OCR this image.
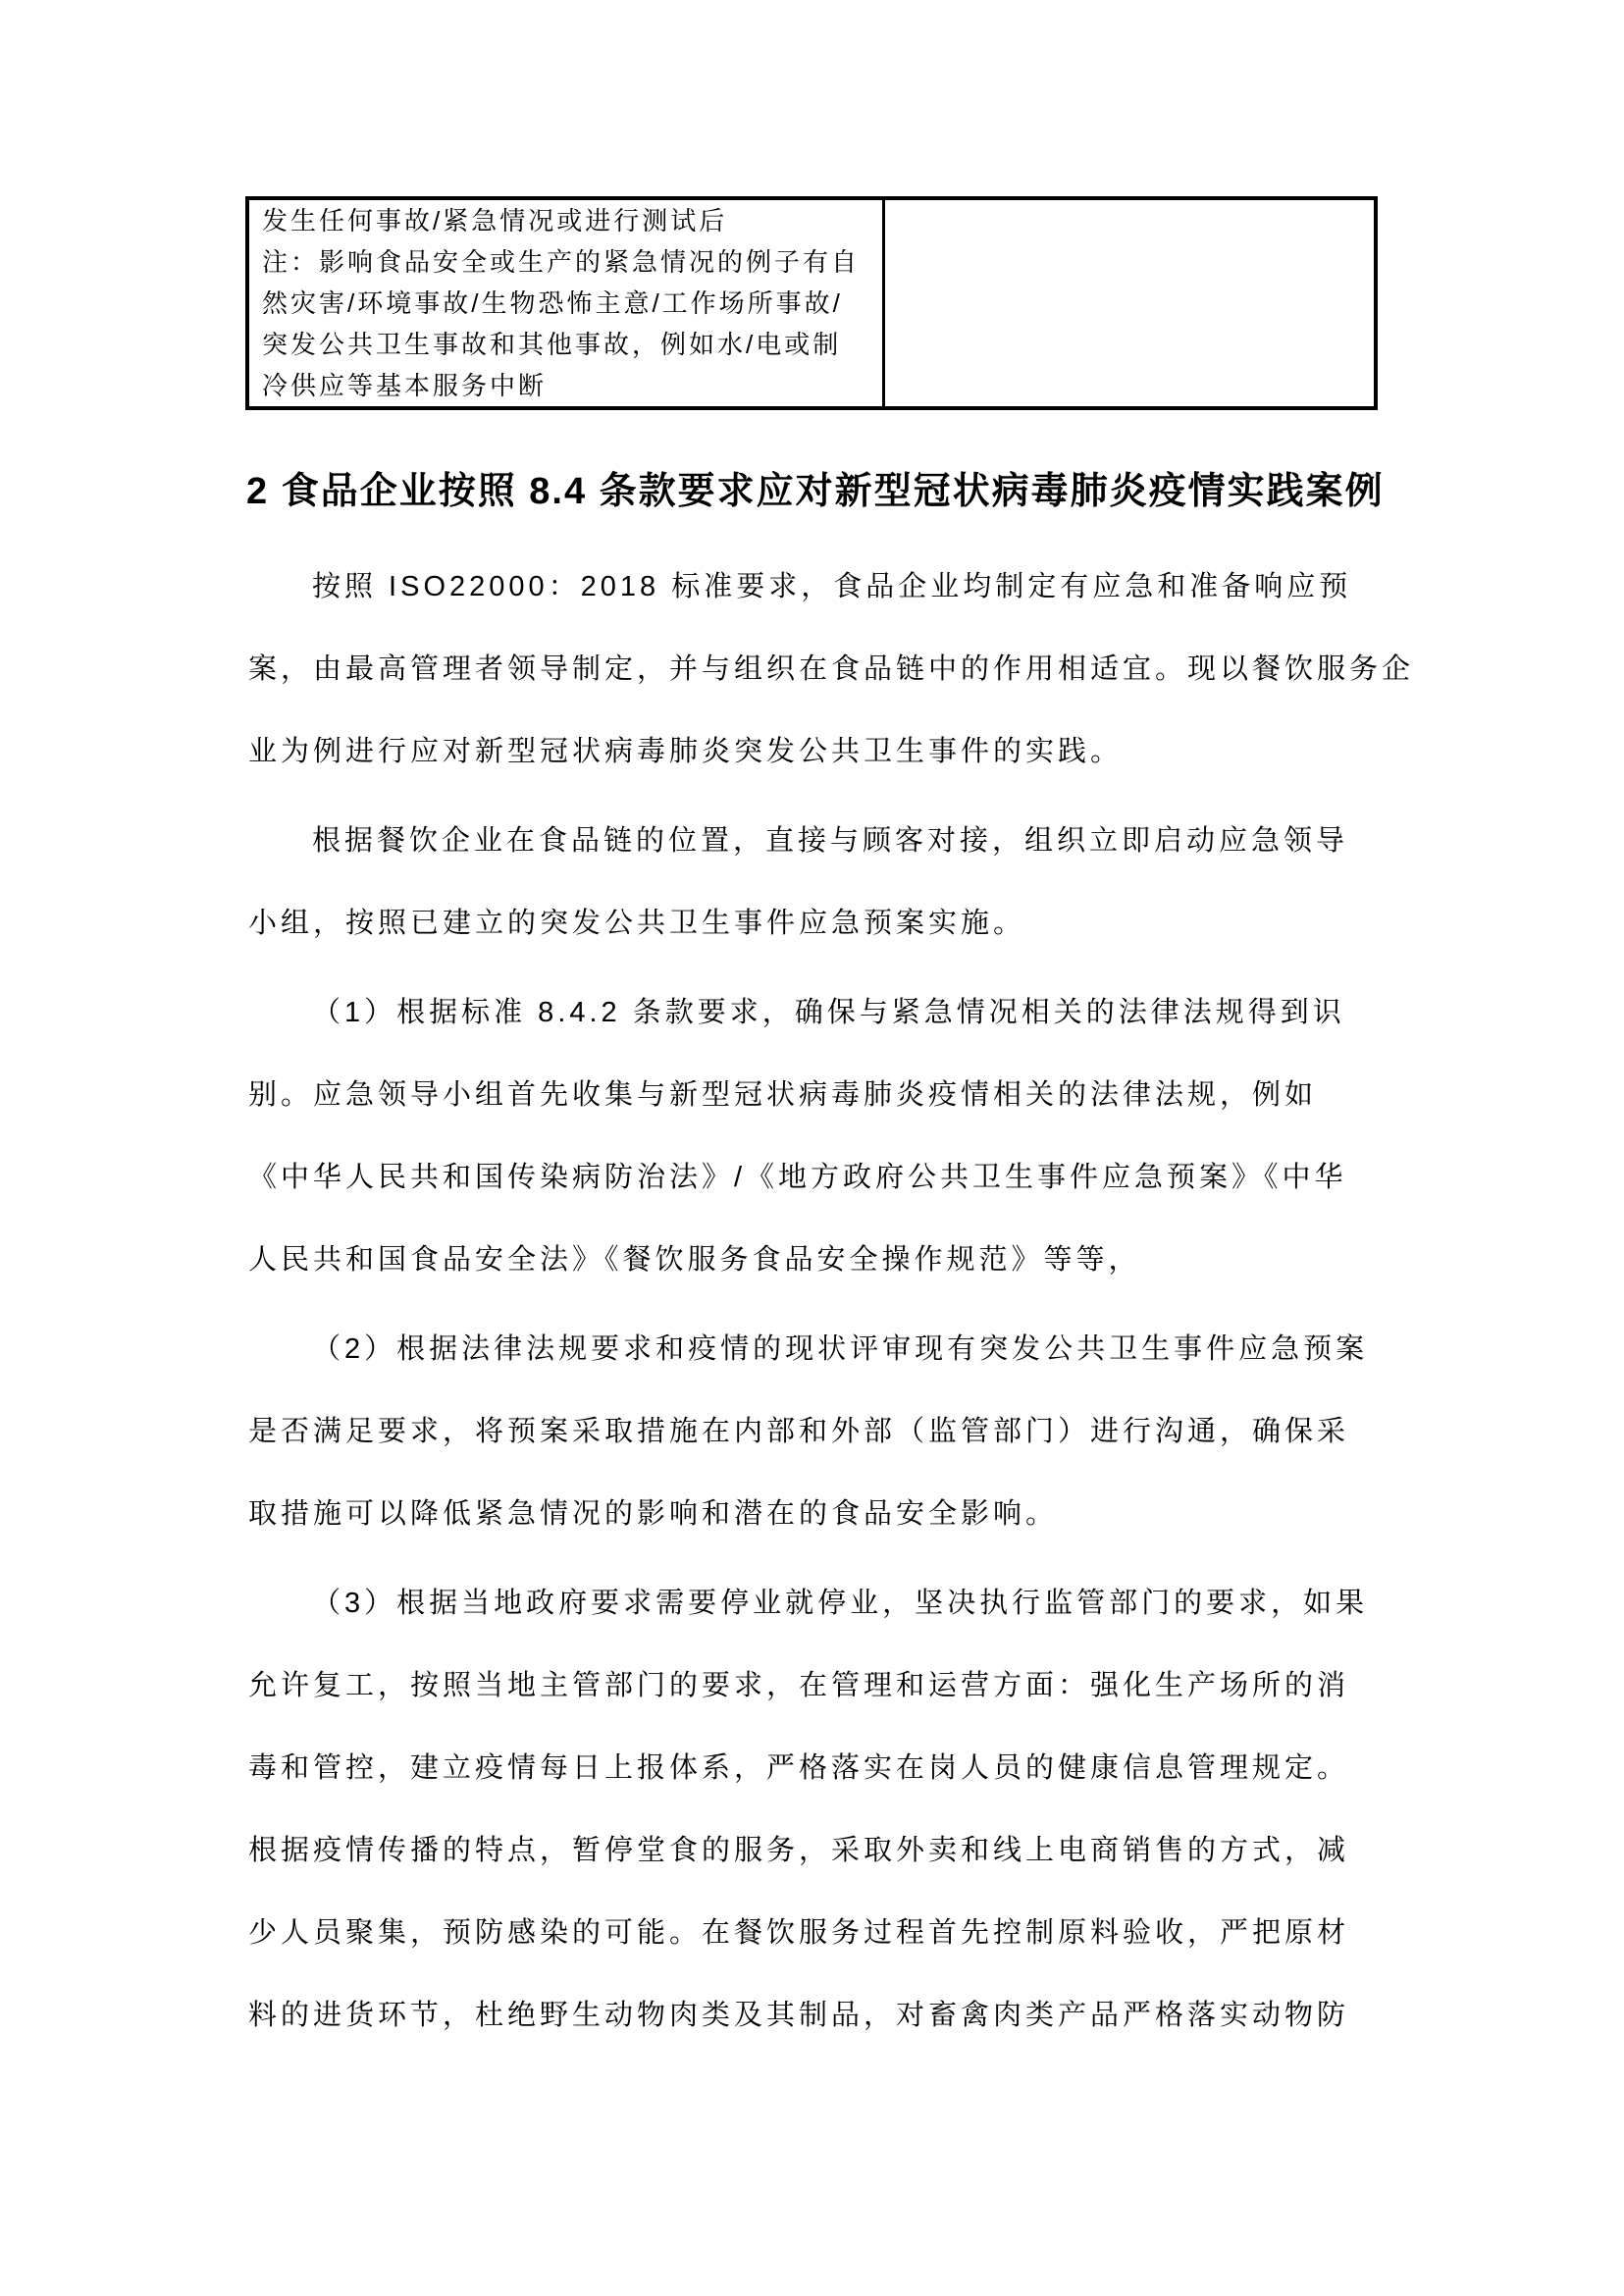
发生任何事故/紧急情况或进行测试后
注：影响食品安全或生产的紧急情况的例子有自
然灾害/环境事故/生物恐怖主意/工作场所事故/
突发公共卫生事故和其他事故，例如水/电或制
冷供应等基本服务中断
2 食品企业按照 8.4 条款要求应对新型冠状病毒肺炎疫情实践案例
按照 ISO22000：2018 标准要求，食品企业均制定有应急和准备响应预
案，由最高管理者领导制定，并与组织在食品链中的作用相适宜。现以餐饮服务企
业为例进行应对新型冠状病毒肺炎突发公共卫生事件的实践。
根据餐饮企业在食品链的位置，直接与顾客对接，组织立即启动应急领导
小组，按照已建立的突发公共卫生事件应急预案实施。
（1）根据标准 8.4.2 条款要求，确保与紧急情况相关的法律法规得到识
别。应急领导小组首先收集与新型冠状病毒肺炎疫情相关的法律法规，例如
《中华人民共和国传染病防治法》/《地方政府公共卫生事件应急预案》《中华
人民共和国食品安全法》《餐饮服务食品安全操作规范》等等，
（2）根据法律法规要求和疫情的现状评审现有突发公共卫生事件应急预案
是否满足要求，将预案采取措施在内部和外部（监管部门）进行沟通，确保采
取措施可以降低紧急情况的影响和潜在的食品安全影响。
（3）根据当地政府要求需要停业就停业，坚决执行监管部门的要求，如果
允许复工，按照当地主管部门的要求，在管理和运营方面：强化生产场所的消
毒和管控，建立疫情每日上报体系，严格落实在岗人员的健康信息管理规定。
根据疫情传播的特点，暂停堂食的服务，采取外卖和线上电商销售的方式，减
少人员聚集，预防感染的可能。在餐饮服务过程首先控制原料验收，严把原材
料的进货环节，杜绝野生动物肉类及其制品，对畜禽肉类产品严格落实动物防
